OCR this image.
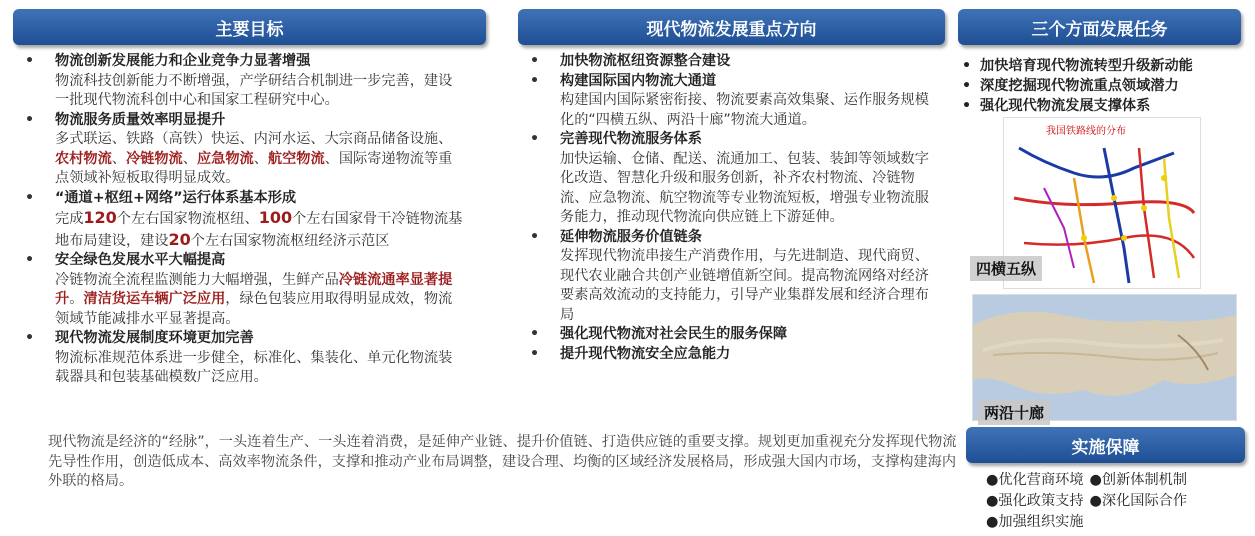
主要目标	现代物流发展重点方向	三个方面发展任务
实施保障
• 物流创新发展能力和企业竞争力显著增强
物流科技创新能力不断增强，产学研结合机制进一步完善，建设一批现代物流科创中心和国家工程研究中心。
• 物流服务质量效率明显提升
多式联运、铁路（高铁）快运、内河水运、大宗商品储备设施、农村物流、冷链物流、应急物流、航空物流、国际寄递物流等重点领域补短板取得明显成效。
• “通道+枢纽+网络”运行体系基本形成
完成120个左右国家物流枢纽、100个左右国家骨干冷链物流基地布局建设，建设20个左右国家物流枢纽经济示范区
• 安全绿色发展水平大幅提高
冷链物流全流程监测能力大幅增强，生鲜产品冷链流通率显著提升。清洁货运车辆广泛应用，绿色包装应用取得明显成效，物流领域节能减排水平显著提高。
• 现代物流发展制度环境更加完善
物流标准规范体系进一步健全，标准化、集装化、单元化物流装载器具和包装基础模数广泛应用。
• 加快物流枢纽资源整合建设
• 构建国际国内物流大通道
构建国内国际紧密衔接、物流要素高效集聚、运作服务规模化的“四横五纵、两沿十廊”物流大通道。
• 完善现代物流服务体系
加快运输、仓储、配送、流通加工、包装、装卸等领域数字化改造、智慧化升级和服务创新，补齐农村物流、冷链物流、应急物流、航空物流等专业物流短板，增强专业物流服务能力，推动现代物流向供应链上下游延伸。
• 延伸物流服务价值链条
发挥现代物流串接生产消费作用，与先进制造、现代商贸、现代农业融合共创产业链增值新空间。提高物流网络对经济要素高效流动的支持能力，引导产业集群发展和经济合理布局
• 强化现代物流对社会民生的服务保障
• 提升现代物流安全应急能力
• 加快培育现代物流转型升级新动能
• 深度挖掘现代物流重点领域潜力
• 强化现代物流发展支撑体系
我国铁路线的分布
四横五纵
两沿十廊
现代物流是经济的“经脉”，一头连着生产、一头连着消费，是延伸产业链、提升价值链、打造供应链的重要支撑。规划更加重视充分发挥现代物流先导性作用，创造低成本、高效率物流条件，支撑和推动产业布局调整，建设合理、均衡的区域经济发展格局，形成强大国内市场，支撑构建海内外联的格局。	●优化营商环境 ●创新体制机制
●强化政策支持 ●深化国际合作
●加强组织实施
